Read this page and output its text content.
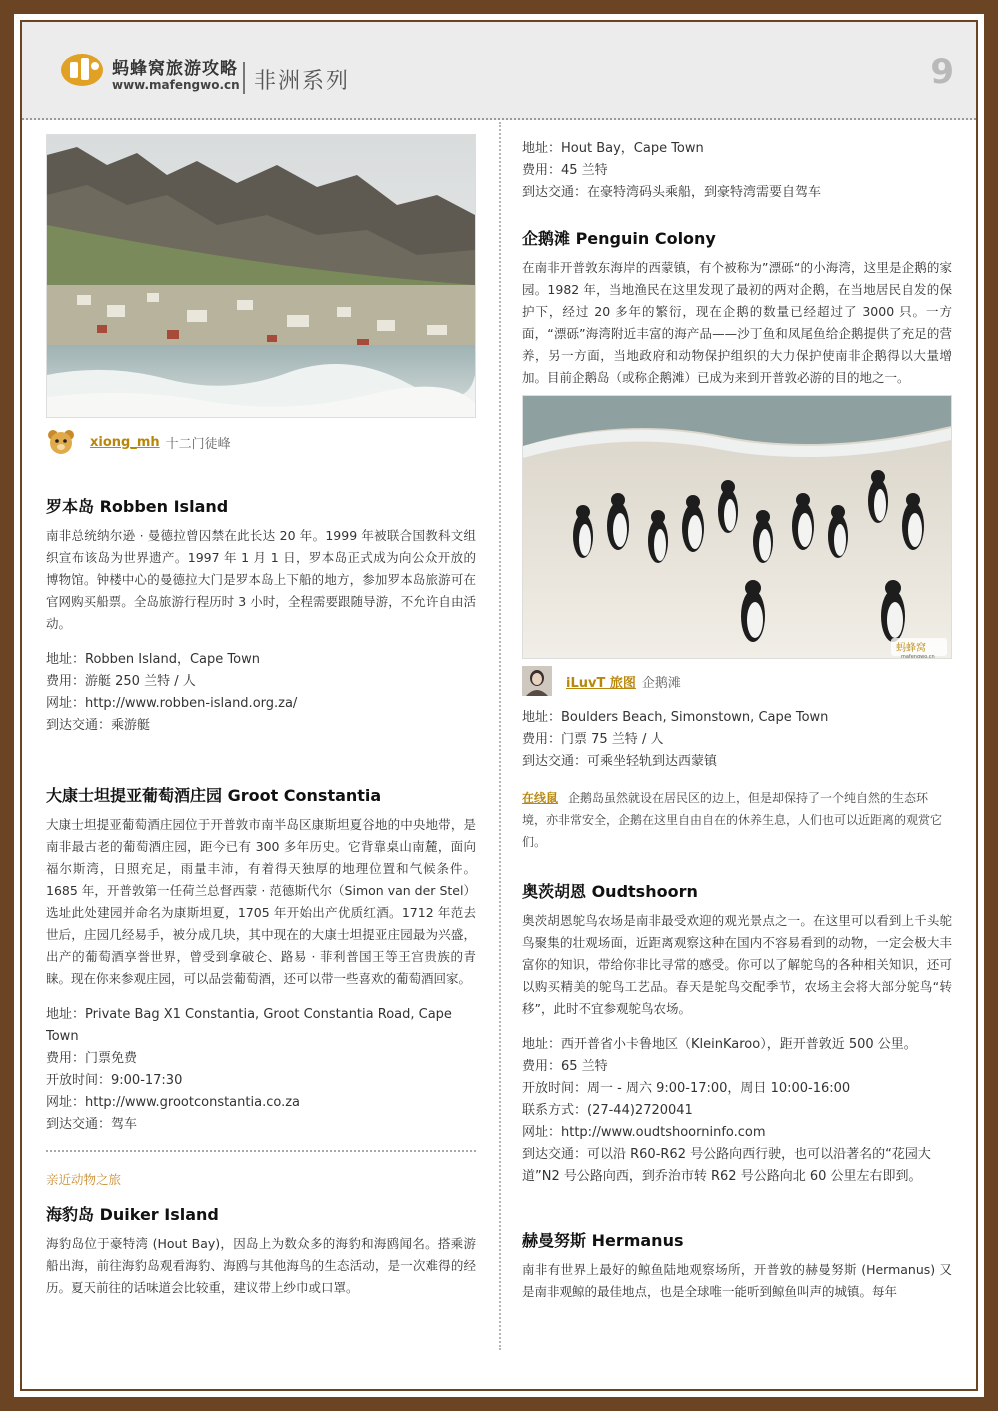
蚂蜂窝旅游攻略
www.mafengwo.cn 非洲系列	9
xiong_mh 十二门徒峰
罗本岛 Robben Island

南非总统纳尔逊 · 曼德拉曾囚禁在此长达 20 年。1999 年被联合国教科文组织宣布该岛为世界遗产。1997 年 1 月 1 日，罗本岛正式成为向公众开放的博物馆。钟楼中心的曼德拉大门是罗本岛上下船的地方，参加罗本岛旅游可在官网购买船票。全岛旅游行程历时 3 小时，全程需要跟随导游，不允许自由活动。

地址：Robben Island，Cape Town

费用：游艇 250 兰特 / 人

网址：http://www.robben-island.org.za/

到达交通：乘游艇

大康士坦提亚葡萄酒庄园 Groot Constantia

大康士坦提亚葡萄酒庄园位于开普敦市南半岛区康斯坦夏谷地的中央地带，是南非最古老的葡萄酒庄园，距今已有 300 多年历史。它背靠桌山南麓，面向福尔斯湾，日照充足，雨量丰沛，有着得天独厚的地理位置和气候条件。1685 年，开普敦第一任荷兰总督西蒙 · 范德斯代尔（Simon van der Stel）选址此处建园并命名为康斯坦夏，1705 年开始出产优质红酒。1712 年范去世后，庄园几经易手，被分成几块，其中现在的大康士坦提亚庄园最为兴盛，出产的葡萄酒享誉世界，曾受到拿破仑、路易 · 菲利普国王等王宫贵族的青睐。现在你来参观庄园，可以品尝葡萄酒，还可以带一些喜欢的葡萄酒回家。

地址：Private Bag X1 Constantia, Groot Constantia Road, Cape Town

费用：门票免费

开放时间：9:00-17:30

网址：http://www.grootconstantia.co.za

到达交通：驾车

亲近动物之旅
海豹岛 Duiker Island

海豹岛位于豪特湾 (Hout Bay)，因岛上为数众多的海豹和海鸥闻名。搭乘游船出海，前往海豹岛观看海豹、海鸥与其他海鸟的生态活动，是一次难得的经历。夏天前往的话味道会比较重，建议带上纱巾或口罩。

地址：Hout Bay，Cape Town

费用：45 兰特

到达交通：在豪特湾码头乘船，到豪特湾需要自驾车

企鹅滩 Penguin Colony

在南非开普敦东海岸的西蒙镇，有个被称为”漂砾“的小海湾，这里是企鹅的家园。1982 年，当地渔民在这里发现了最初的两对企鹅，在当地居民自发的保护下，经过 20 多年的繁衍，现在企鹅的数量已经超过了 3000 只。一方面，“漂砾”海湾附近丰富的海产品——沙丁鱼和凤尾鱼给企鹅提供了充足的营养，另一方面，当地政府和动物保护组织的大力保护使南非企鹅得以大量增加。目前企鹅岛（或称企鹅滩）已成为来到开普敦必游的目的地之一。

蚂蜂窝
mafengwo.cn
iLuvT 旅图 企鹅滩

地址：Boulders Beach, Simonstown, Cape Town

费用：门票 75 兰特 / 人

到达交通：可乘坐轻轨到达西蒙镇

在线鼠 企鹅岛虽然就设在居民区的边上，但是却保持了一个纯自然的生态环境，亦非常安全，企鹅在这里自由自在的休养生息，人们也可以近距离的观赏它们。
奥茨胡恩 Oudtshoorn

奥茨胡恩鸵鸟农场是南非最受欢迎的观光景点之一。在这里可以看到上千头鸵鸟聚集的壮观场面，近距离观察这种在国内不容易看到的动物，一定会极大丰富你的知识，带给你非比寻常的感受。你可以了解鸵鸟的各种相关知识，还可以购买精美的鸵鸟工艺品。春天是鸵鸟交配季节，农场主会将大部分鸵鸟“转移”，此时不宜参观鸵鸟农场。

地址：西开普省小卡鲁地区（KleinKaroo），距开普敦近 500 公里。

费用：65 兰特

开放时间：周一 - 周六 9:00-17:00，周日 10:00-16:00

联系方式：(27-44)2720041

网址：http://www.oudtshoorninfo.com

到达交通：可以沿 R60-R62 号公路向西行驶，也可以沿著名的“花园大道”N2 号公路向西，到乔治市转 R62 号公路向北 60 公里左右即到。

赫曼努斯 Hermanus

南非有世界上最好的鲸鱼陆地观察场所，开普敦的赫曼努斯 (Hermanus) 又是南非观鲸的最佳地点，也是全球唯一能听到鲸鱼叫声的城镇。每年
